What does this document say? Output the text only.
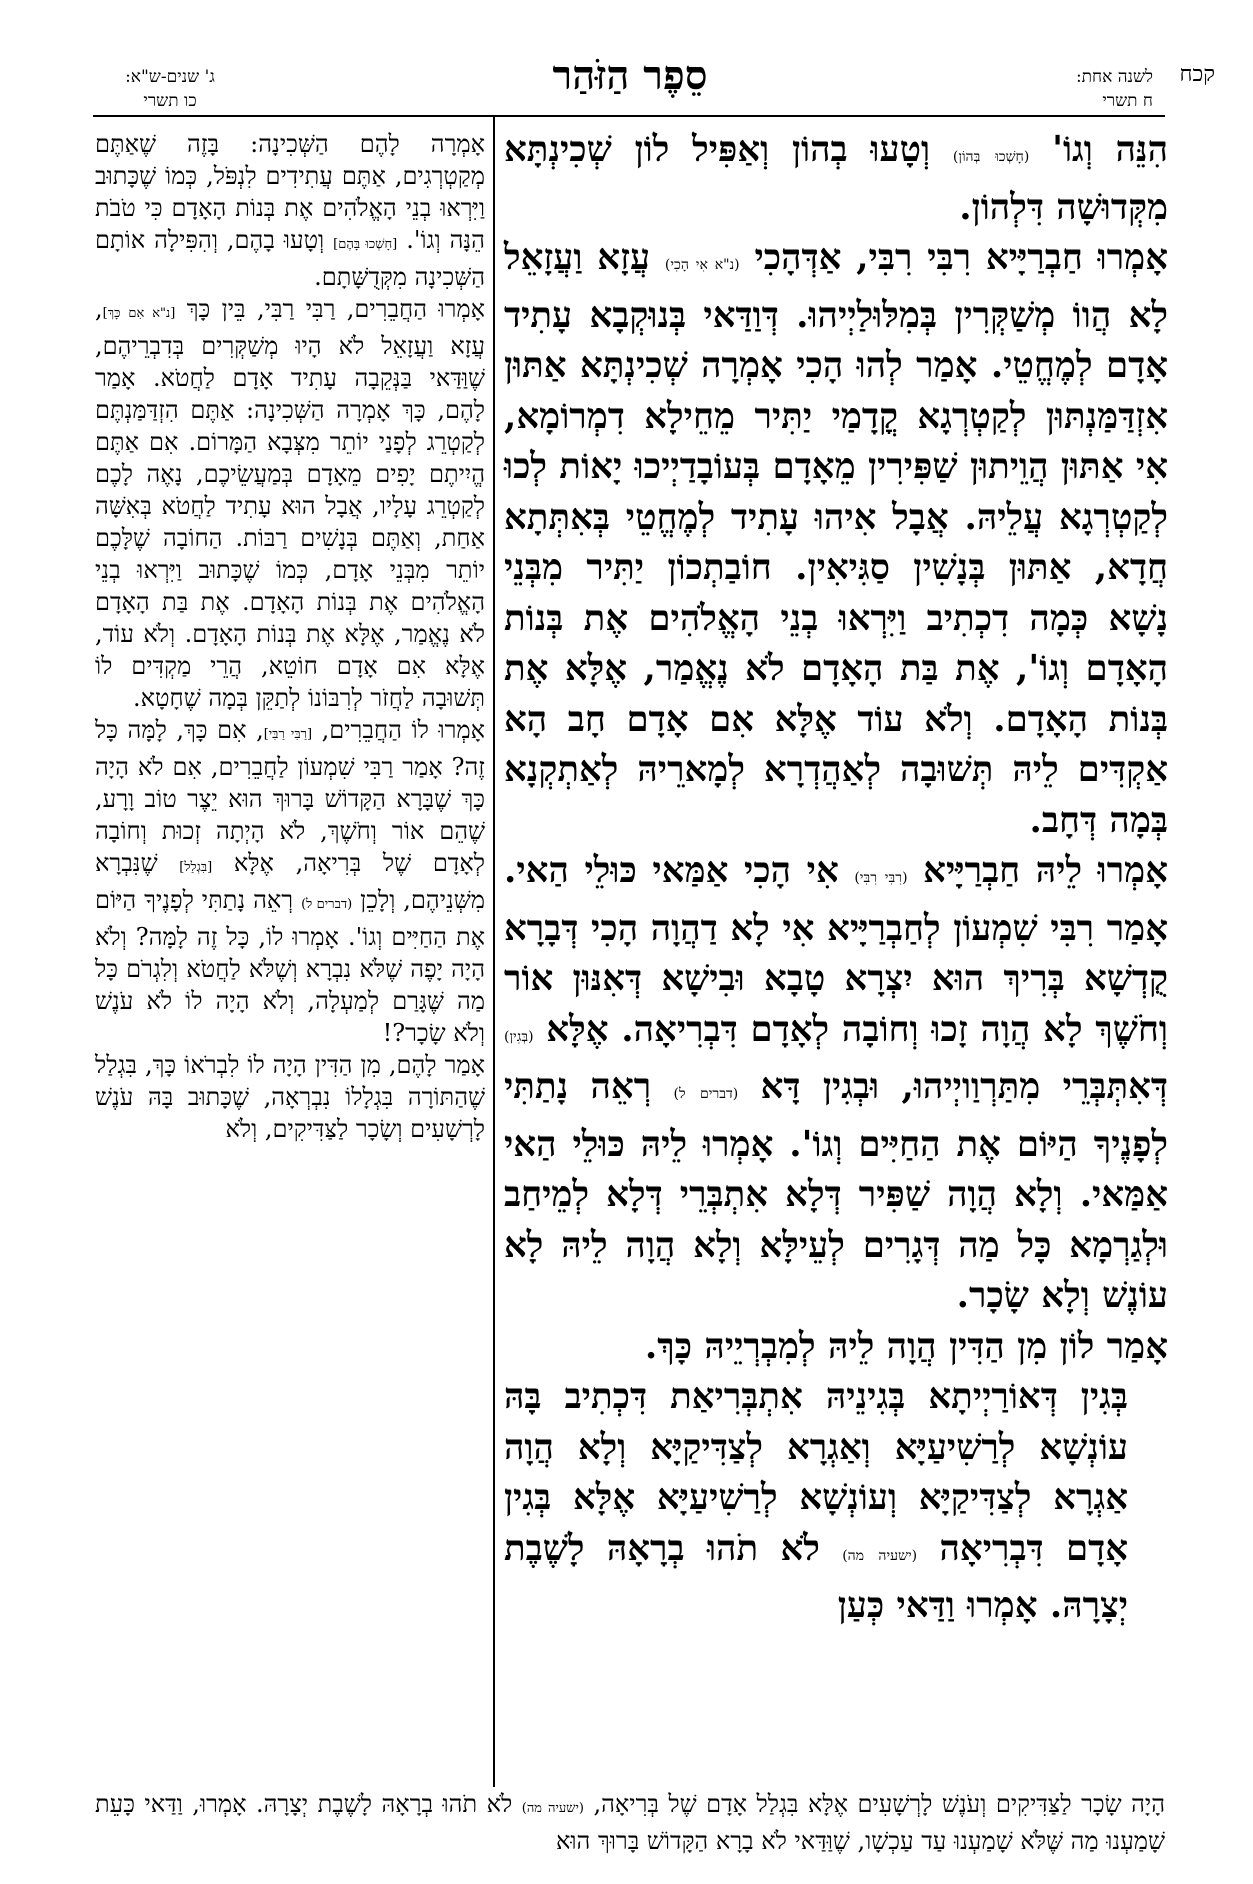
קכח
לשנה אחת:
ח תשרי
סֵפֶר הַזֹּהַר
ג' שנים-ש"א:
כו תשרי

הִנֵּה וְגוֹ' (חָשְׁכוּ בְּהוֹן) וְטָעוּ בְהוֹן וְאַפִּיל לוֹן שְׁכִינְתָּא מִקְּדוּשָׁה דִּלְהוֹן.

אָמְרוּ חַבְרַיָּיא רִבִּי רִבִּי, אַדְּהָכִי (נ"א אִי הָכִי) עֲזָא וַעֲזָאֵל לָא הֲווֹ מְשַׁקְּרִין בְּמִלּוּלַיְיהוּ. דְּוַדַּאי בְּנוּקְבָא עָתִיד אָדָם לְמֶחֱטֵי. אָמַר לְהוּ הָכִי אָמְרָה שְׁכִינְתָּא אַתּוּן אִזְדַּמַּנְתּוּן לְקַטְרְגָא קֳדָמַי יַתִּיר מֵחֵילָא דִמְרוֹמָא, אִי אַתּוּן הֲוֵיתוּן שַׁפִּירִין מֵאָדָם בְּעוֹבָדַיְיכוּ יָאוֹת לְכוּ לְקַטְרְגָא עֲלֵיהּ. אֲבָל אִיהוּ עָתִיד לְמֶחֱטֵי בְּאִתְּתָא חֲדָא, אַתּוּן בְּנָשִׁין סַגִּיאִין. חוֹבַתְכוֹן יַתִּיר מִבְּנֵי נָשָׁא כְּמָה דִכְתִיב וַיִּרְאוּ בְנֵי הָאֱלֹהִים אֶת בְּנוֹת הָאָדָם וְגוֹ', אֶת בַּת הָאָדָם לֹא נֶאֱמַר, אֶלָּא אֶת בְּנוֹת הָאָדָם. וְלֹא עוֹד אֶלָּא אִם אָדָם חָב הָא אַקְדִּים לֵיהּ תְּשׁוּבָה לְאַהֲדְרָא לְמָארֵיהּ לְאַתְקְנָא בְּמָה דְּחָב.

אָמְרוּ לֵיהּ חַבְרַיָּיא (רִבִּי רִבִּי) אִי הָכִי אַמַּאי כּוּלֵי הַאי. אָמַר רִבִּי שִׁמְעוֹן לְחַבְרַיָּיא אִי לָא דַהֲוָה הָכִי דְּבָרָא קֻדְשָׁא בְּרִיךְ הוּא יִצְרָא טָבָא וּבִישָׁא דְּאִנּוּן אוֹר וְחֹשֶׁךְ לָא הֲוָה זָכוּ וְחוֹבָה לְאָדָם דִּבְרִיאָה. אֶלָּא (בְּגִין) דְּאִתְּבְּרֵי מִתַּרְוַויְיהוּ, וּבְגִין דָּא (דברים ל) רְאֵה נָתַתִּי לְפָנֶיךָ הַיּוֹם אֶת הַחַיִּים וְגוֹ'. אָמְרוּ לֵיהּ כּוּלֵי הַאי אַמַּאי. וְלָא הֲוָה שַׁפִּיר דְּלָא אִתְבְּרֵי דְּלָא לְמֵיחַב וּלְגַרְמָא כָּל מַה דְּגָרִים לְעֵילָּא וְלָא הֲוָה לֵיהּ לָא עוֹנֶשׁ וְלָא שָׂכָר.

אָמַר לוֹן מִן הַדִּין הֲוָה לֵיהּ לְמִבְרְיֵיהּ כָּךְ.

בְּגִין דְּאוֹרַיְיתָא בְּגִינֵיהּ אִתְבְּרִיאַת דִּכְתִיב בָּהּ עוֹנְשָׁא לְרַשִׁיעַיָּא וְאַגְרָא לְצַדִּיקַיָּא וְלָא הֲוָה אַגְרָא לְצַדִּיקַיָּא וְעוֹנְשָׁא לְרַשִׁיעַיָּא אֶלָּא בְּגִין אָדָם דִּבְרִיאָה (ישעיה מה) לֹא תֹהוּ בְרָאָהּ לָשֶׁבֶת יְצָרָהּ. אָמְרוּ וַדַּאי כְּעַן

אָמְרָה לָהֶם הַשְּׁכִינָה: בָּזֶה שֶׁאַתֶּם מְקַטְרְגִים, אַתֶּם עֲתִידִים לִנְפֹּל, כְּמוֹ שֶׁכָּתוּב וַיִּרְאוּ בְנֵי הָאֱלֹהִים אֶת בְּנוֹת הָאָדָם כִּי טֹבֹת הֵנָּה וְגוֹ'. [חָשְׁכוּ בָּהֶם] וְטָעוּ בָהֶם, וְהִפִּילָה אוֹתָם הַשְּׁכִינָה מִקְּדֻשָּׁתָם.

אָמְרוּ הַחֲבֵרִים, רַבִּי רַבִּי, בֵּין כָּךְ [נ"א אִם כָּךְ], עֲזָא וַעֲזָאֵל לֹא הָיוּ מְשַׁקְּרִים בְּדִבְרֵיהֶם, שֶׁוַּדַּאי בַּנְּקֵבָה עָתִיד אָדָם לַחֲטֹא. אָמַר לָהֶם, כָּךְ אָמְרָה הַשְּׁכִינָה: אַתֶּם הִזְדַּמַּנְתֶּם לְקַטְרֵג לְפָנַי יוֹתֵר מִצְּבָא הַמָּרוֹם. אִם אַתֶּם הֱיִיתֶם יָפִים מֵאָדָם בְּמַעֲשֵׂיכֶם, נָאֶה לָכֶם לְקַטְרֵג עָלָיו, אֲבָל הוּא עָתִיד לַחֲטֹא בְּאִשָּׁה אַחַת, וְאַתֶּם בְּנָשִׁים רַבּוֹת. הַחוֹבָה שֶׁלָּכֶם יוֹתֵר מִבְּנֵי אָדָם, כְּמוֹ שֶׁכָּתוּב וַיִּרְאוּ בְנֵי הָאֱלֹהִים אֶת בְּנוֹת הָאָדָם. אֶת בַּת הָאָדָם לֹא נֶאֱמַר, אֶלָּא אֶת בְּנוֹת הָאָדָם. וְלֹא עוֹד, אֶלָּא אִם אָדָם חוֹטֵא, הֲרֵי מַקְדִּים לוֹ תְּשׁוּבָה לַחֲזֹר לְרִבּוֹנוֹ לְתַקֵּן בְּמָה שֶׁחָטָא.

אָמְרוּ לוֹ הַחֲבֵרִים, [רַבִּי רַבִּי], אִם כָּךְ, לָמָּה כָּל זֶה? אָמַר רַבִּי שִׁמְעוֹן לַחֲבֵרִים, אִם לֹא הָיָה כָּךְ שֶׁבָּרָא הַקָּדוֹשׁ בָּרוּךְ הוּא יֵצֶר טוֹב וָרָע, שֶׁהֵם אוֹר וְחֹשֶׁךְ, לֹא הָיְתָה זְכוּת וְחוֹבָה לְאָדָם שֶׁל בְּרִיאָה, אֶלָּא [בִּגְלַל] שֶׁנִּבְרָא מִשְּׁנֵיהֶם, וְלָכֵן (דברים ל) רְאֵה נָתַתִּי לְפָנֶיךָ הַיּוֹם אֶת הַחַיִּים וְגוֹ'. אָמְרוּ לוֹ, כָּל זֶה לָמָּה? וְלֹא הָיָה יָפֶה שֶׁלֹּא נִבְרָא וְשֶׁלֹּא לַחֲטֹא וְלִגְרֹם כָּל מַה שֶּׁגָּרַם לְמַעְלָה, וְלֹא הָיָה לוֹ לֹא עֹנֶשׁ וְלֹא שָׂכָר?!

אָמַר לָהֶם, מִן הַדִּין הָיָה לוֹ לִבְרֹאוֹ כָּךְ, בִּגְלַל שֶׁהַתּוֹרָה בִּגְלָלוֹ נִבְרְאָה, שֶׁכָּתוּב בָּהּ עֹנֶשׁ לָרְשָׁעִים וְשָׂכָר לַצַּדִּיקִים, וְלֹא

הָיָה שָׂכָר לַצַּדִּיקִים וְעֹנֶשׁ לָרְשָׁעִים אֶלָּא בִּגְלַל אָדָם שֶׁל בְּרִיאָה, (ישעיה מה) לֹא תֹהוּ בְרָאָהּ לָשֶׁבֶת יְצָרָהּ. אָמְרוּ, וַדַּאי כָּעֵת שָׁמַעְנוּ מַה שֶּׁלֹּא שָׁמַעְנוּ עַד עַכְשָׁו, שֶׁוַּדַּאי לֹא בָרָא הַקָּדוֹשׁ בָּרוּךְ הוּא
